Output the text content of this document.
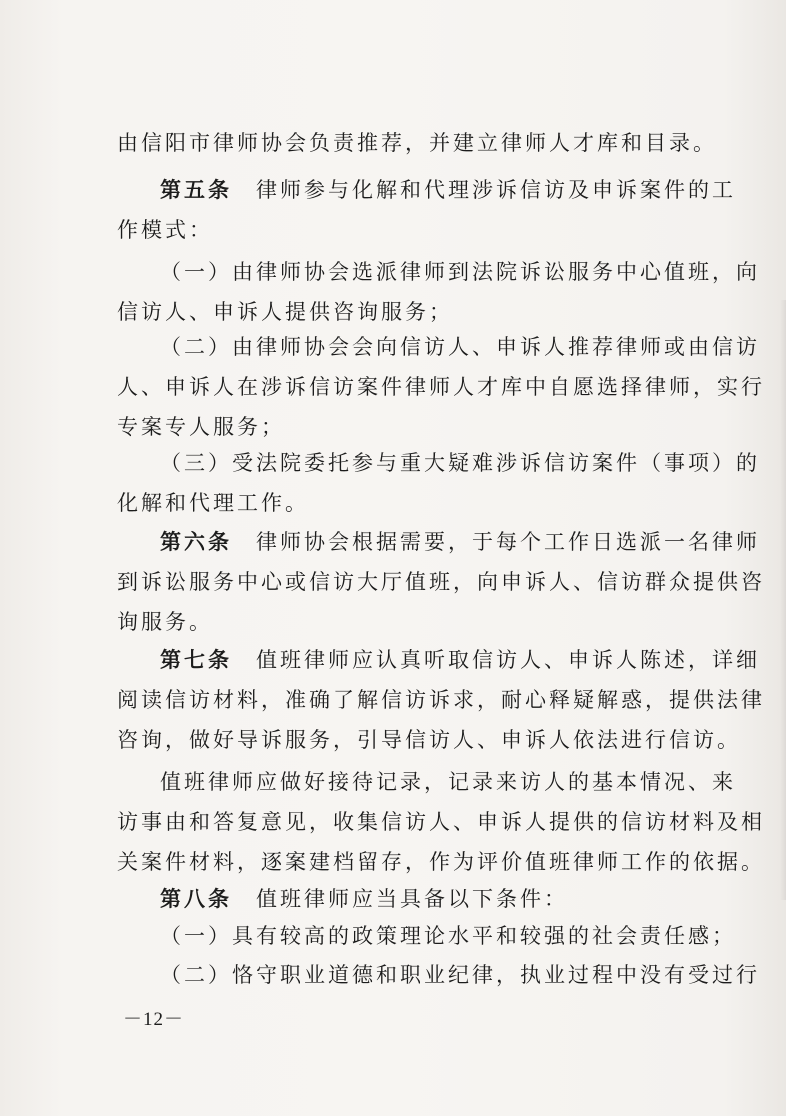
由信阳市律师协会负责推荐，并建立律师人才库和目录。
第五条 律师参与化解和代理涉诉信访及申诉案件的工
作模式：
（一）由律师协会选派律师到法院诉讼服务中心值班，向
信访人、申诉人提供咨询服务；
（二）由律师协会会向信访人、申诉人推荐律师或由信访
人、申诉人在涉诉信访案件律师人才库中自愿选择律师，实行
专案专人服务；
（三）受法院委托参与重大疑难涉诉信访案件（事项）的
化解和代理工作。
第六条 律师协会根据需要，于每个工作日选派一名律师
到诉讼服务中心或信访大厅值班，向申诉人、信访群众提供咨
询服务。
第七条 值班律师应认真听取信访人、申诉人陈述，详细
阅读信访材料，准确了解信访诉求，耐心释疑解惑，提供法律
咨询，做好导诉服务，引导信访人、申诉人依法进行信访。
值班律师应做好接待记录，记录来访人的基本情况、来
访事由和答复意见，收集信访人、申诉人提供的信访材料及相
关案件材料，逐案建档留存，作为评价值班律师工作的依据。
第八条 值班律师应当具备以下条件：
（一）具有较高的政策理论水平和较强的社会责任感；
（二）恪守职业道德和职业纪律，执业过程中没有受过行
－12－
